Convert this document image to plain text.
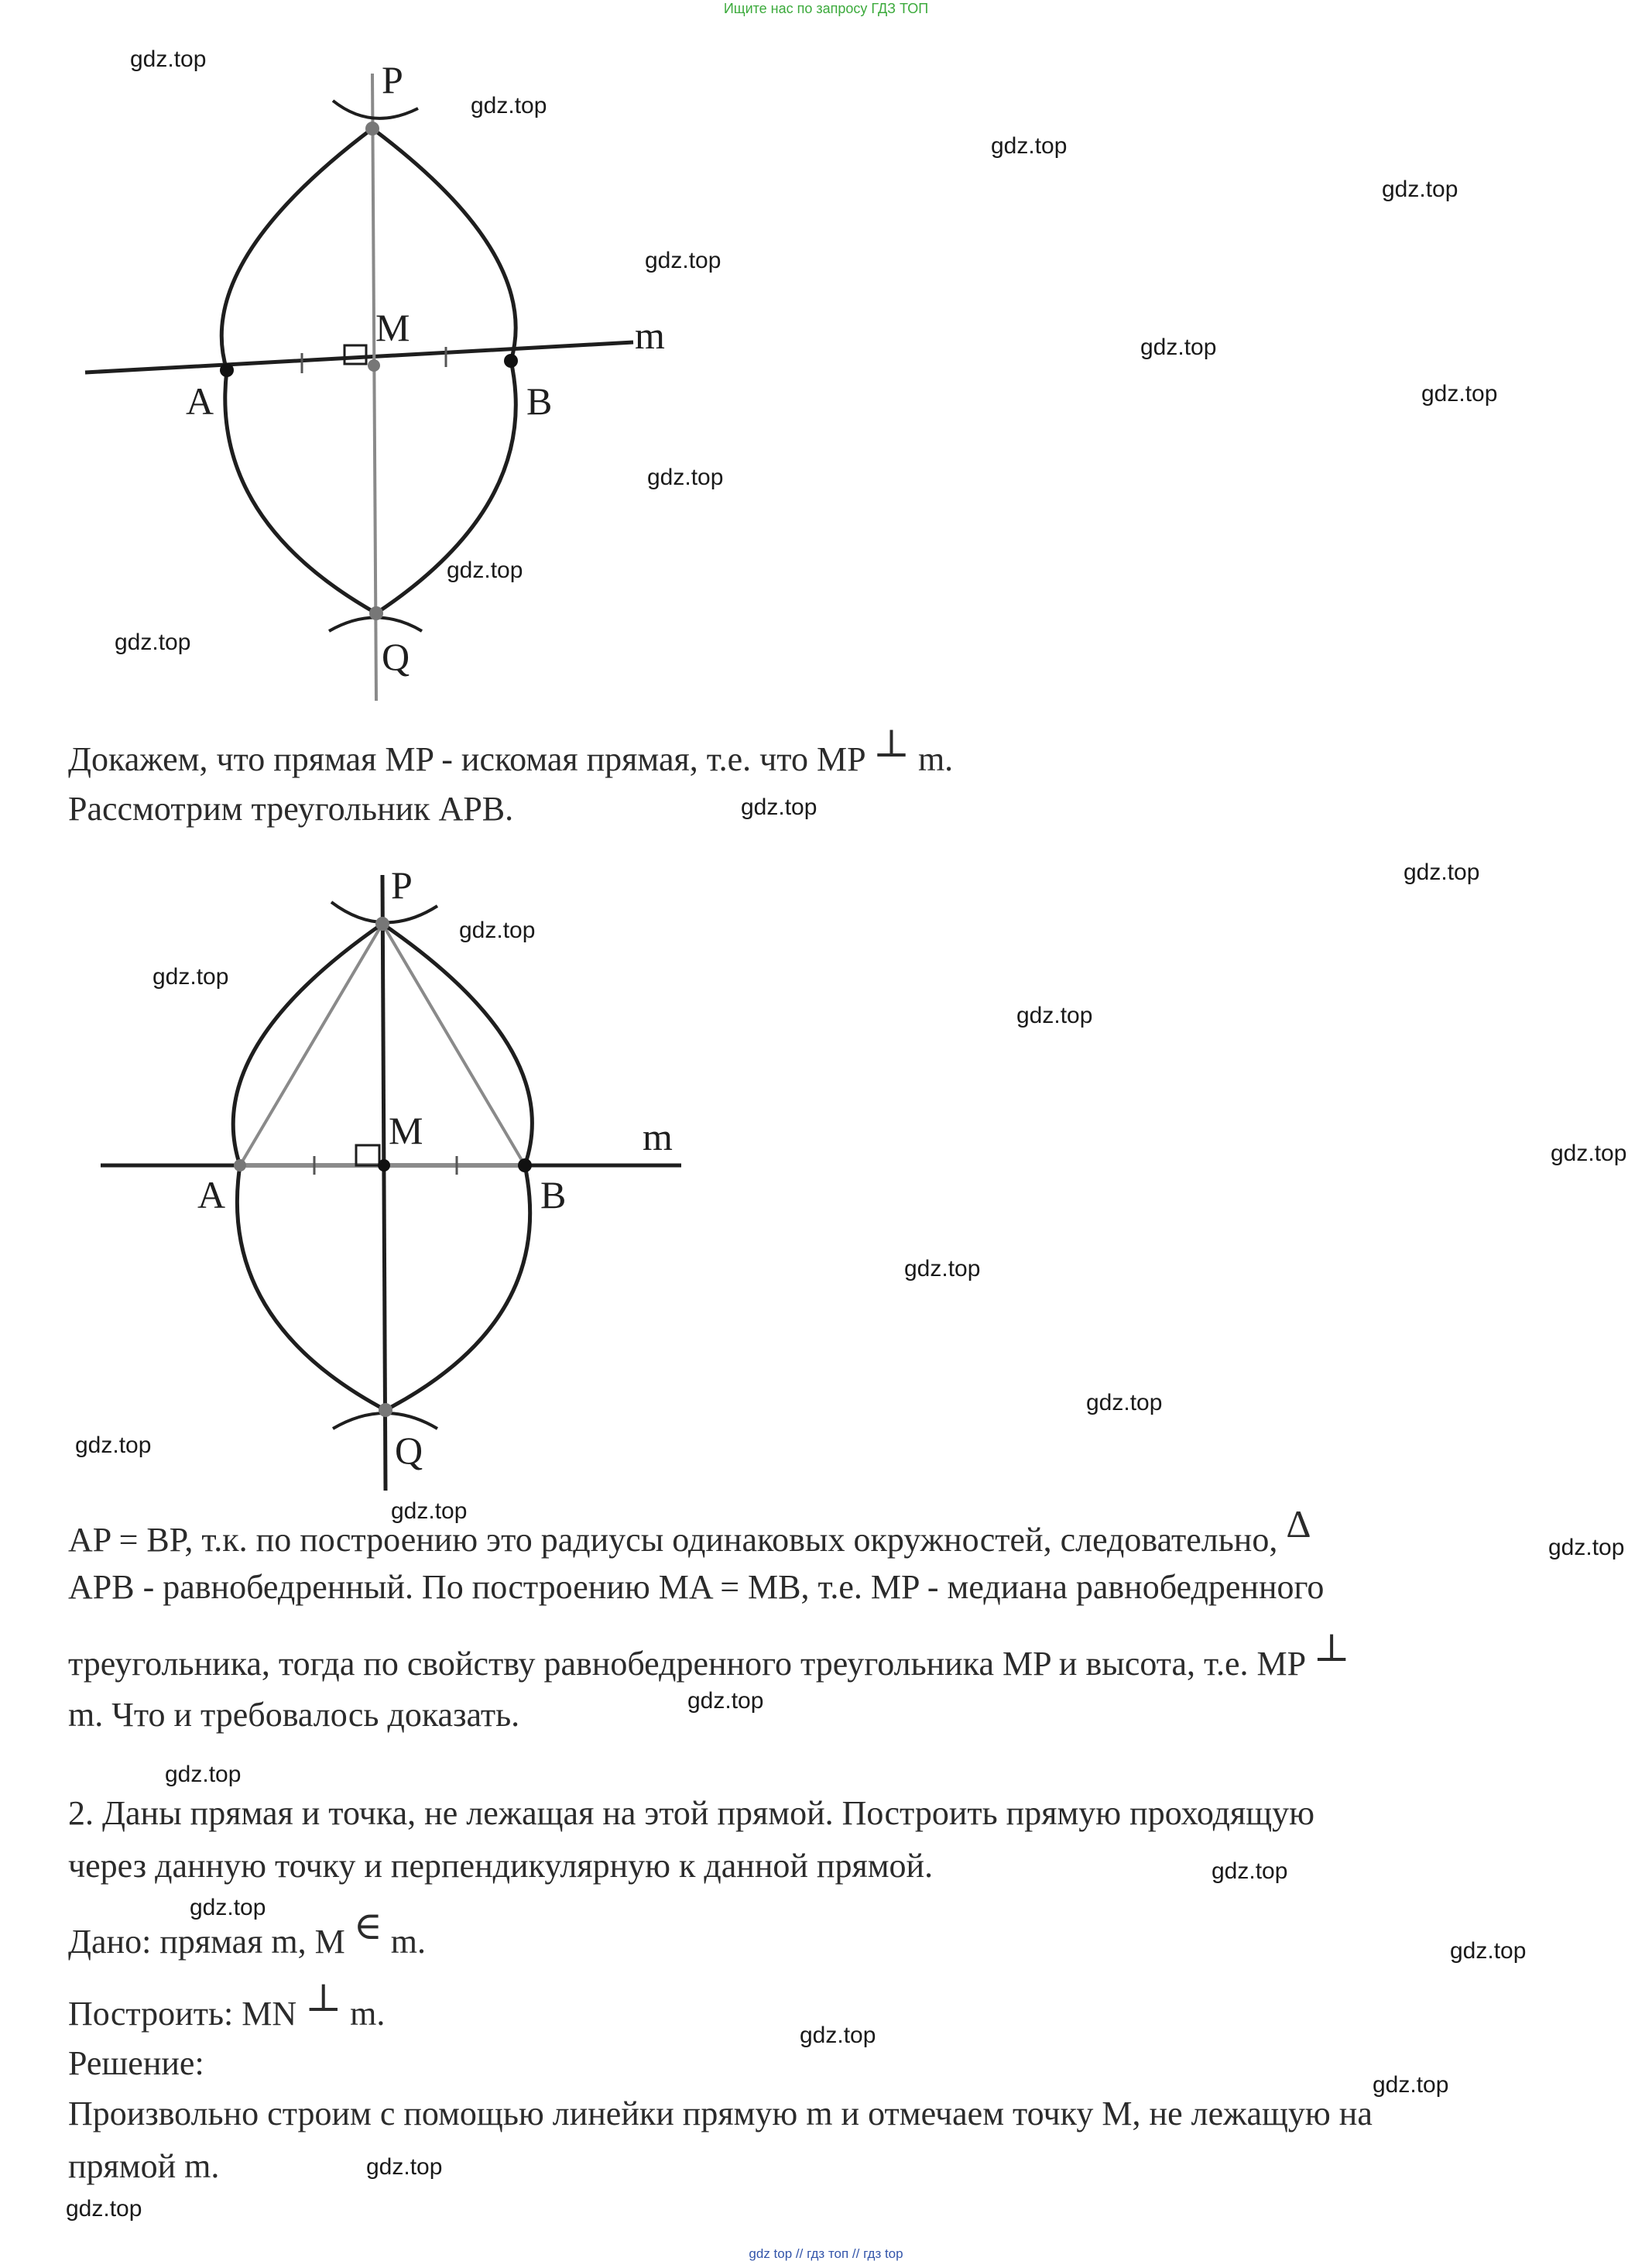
Ищите нас по запросу ГДЗ ТОП
P
M
A	B
m
Q
Докажем, что прямая MP - искомая прямая, т.е. что MP ⊥ m.
Рассмотрим треугольник APB.
P
M
A	B
m
Q
AP = BP, т.к. по построению это радиусы одинаковых окружностей, следовательно, Δ
APB - равнобедренный. По построению MA = MB, т.е. MP - медиана равнобедренного
треугольника, тогда по свойству равнобедренного треугольника MP и высота, т.е. MP ⊥
m. Что и требовалось доказать.
2. Даны прямая и точка, не лежащая на этой прямой. Построить прямую проходящую
через данную точку и перпендикулярную к данной прямой.
Дано: прямая m, M ∈ m.
Построить: MN ⊥ m.
Решение:
Произвольно строим с помощью линейки прямую m и отмечаем точку M, не лежащую на
прямой m.
gdz.top
gdz.top
gdz.top
gdz.top
gdz.top
gdz.top
gdz.top
gdz.top
gdz.top
gdz.top
gdz.top
gdz.top
gdz.top
gdz.top
gdz.top
gdz.top
gdz.top
gdz.top
gdz.top
gdz.top
gdz.top
gdz.top
gdz.top
gdz.top
gdz.top
gdz.top
gdz.top
gdz.top
gdz.top
gdz.top
gdz top // гдз топ // гдз top
